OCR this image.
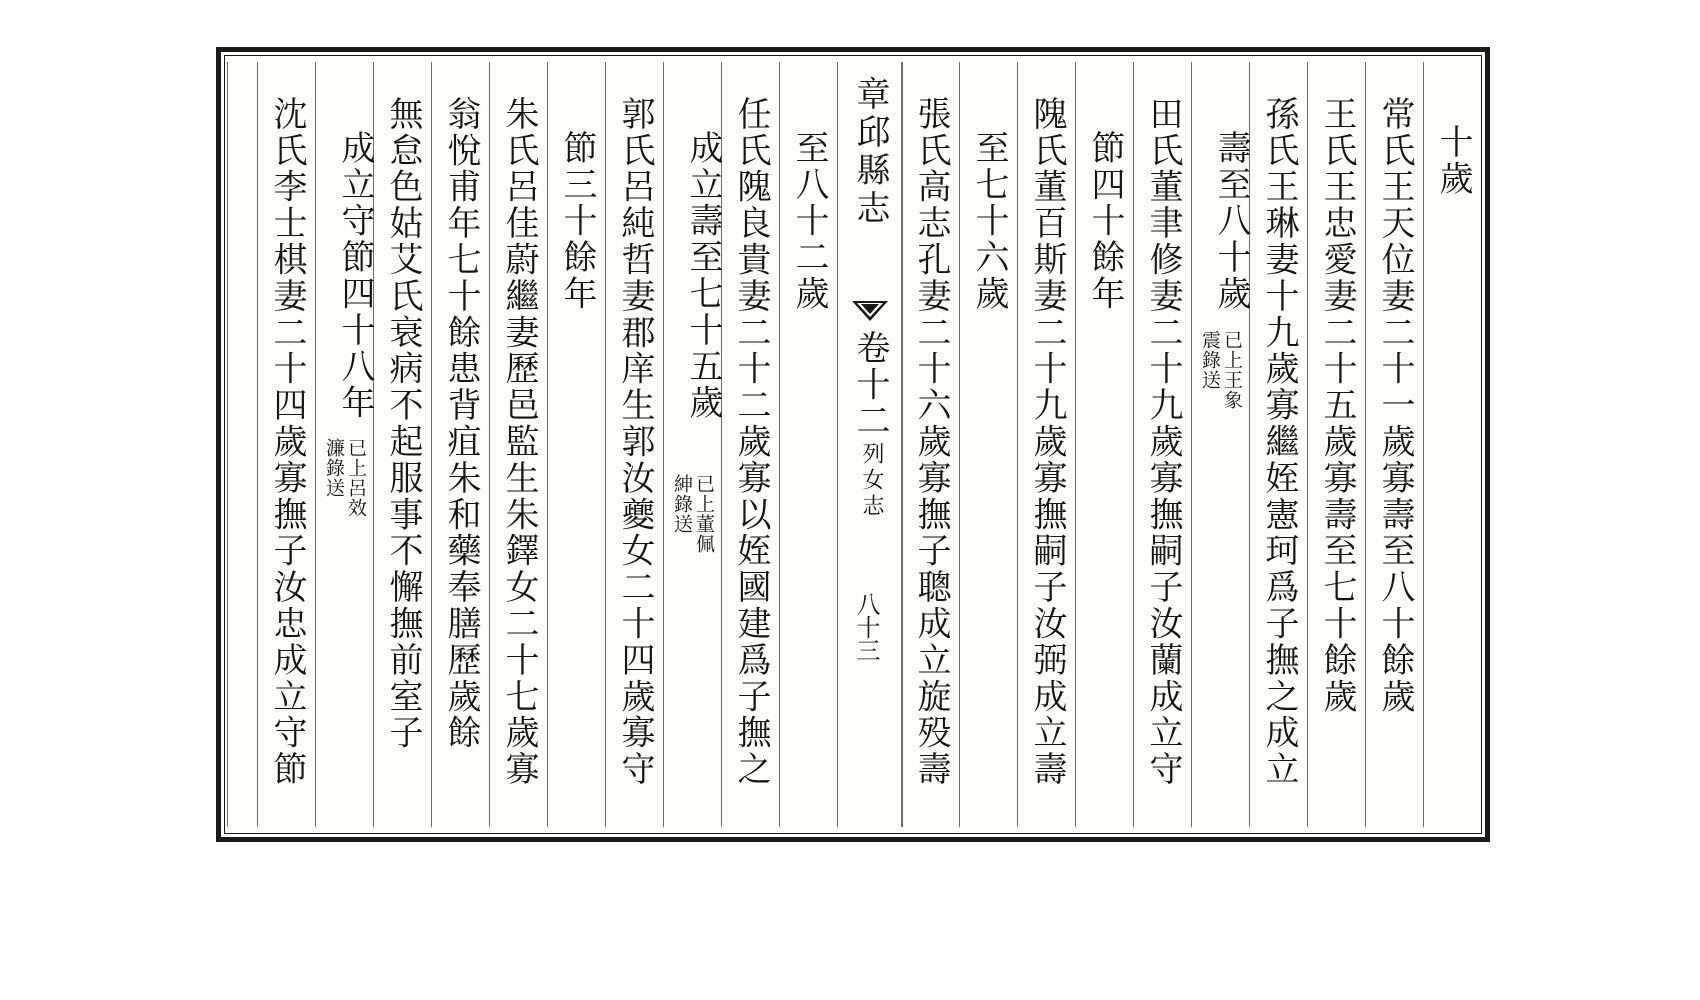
十歲
常氏王天位妻二十一歲寡壽至八十餘歲
王氏王忠愛妻二十五歲寡壽至七十餘歲
孫氏王琳妻十九歲寡繼姪憲珂爲子撫之成立
壽至八十歲
已上王象
震錄送
田氏董聿修妻二十九歲寡撫嗣子汝蘭成立守
節四十餘年
隗氏董百斯妻二十九歲寡撫嗣子汝弼成立壽
至七十六歲
張氏高志孔妻二十六歲寡撫子聰成立旋殁壽
章邱縣志
卷十二
列女志
八十三
至八十二歲
任氏隗良貴妻二十二歲寡以姪國建爲子撫之
成立壽至七十五歲
已上董佩
紳錄送
郭氏呂純哲妻郡庠生郭汝夔女二十四歲寡守
節三十餘年
朱氏呂佳蔚繼妻歷邑監生朱鐸女二十七歲寡
翁悅甫年七十餘患背疽朱和藥奉膳歷歲餘
無怠色姑艾氏衰病不起服事不懈撫前室子
成立守節四十八年
已上呂效
濂錄送
沈氏李士棋妻二十四歲寡撫子汝忠成立守節
